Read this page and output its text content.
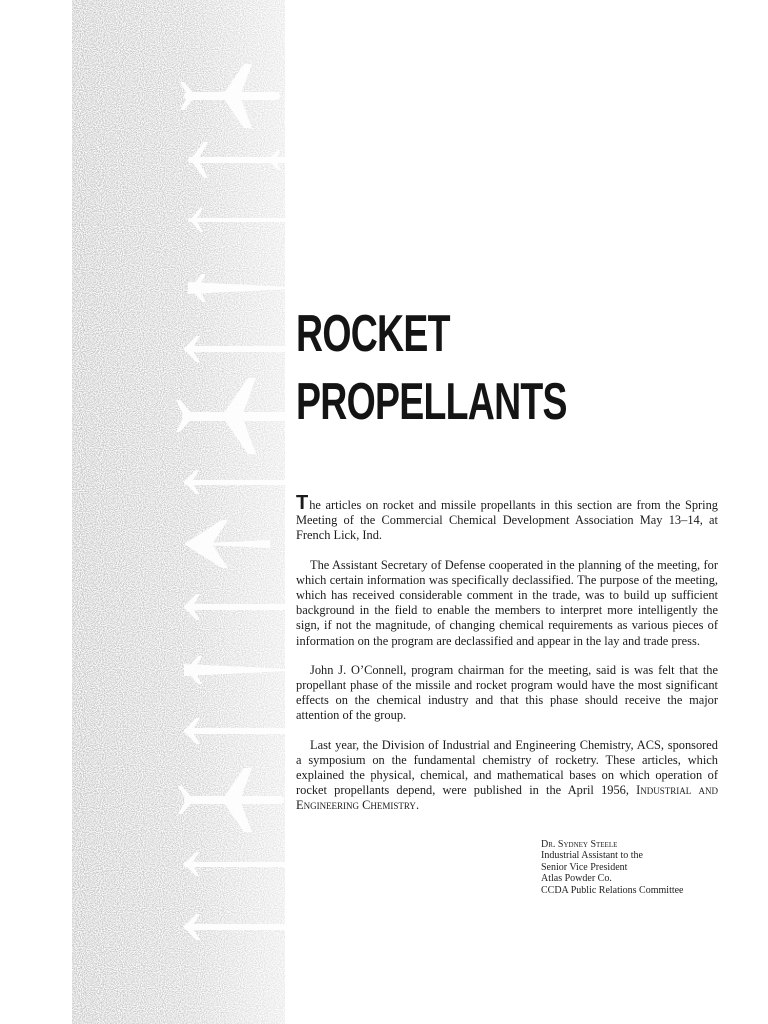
ROCKET
PROPELLANTS

The articles on rocket and missile propellants in this section are from the Spring Meeting of the Commercial Chemical Development Association May 13–14, at French Lick, Ind.

The Assistant Secretary of Defense cooperated in the planning of the meeting, for which certain information was specifically declassified. The purpose of the meeting, which has received considerable comment in the trade, was to build up sufficient background in the field to enable the members to interpret more intelligently the sign, if not the magnitude, of changing chemical requirements as various pieces of information on the program are declassified and appear in the lay and trade press.

John J. O’Connell, program chairman for the meeting, said is was felt that the propellant phase of the missile and rocket program would have the most significant effects on the chemical industry and that this phase should receive the major attention of the group.

Last year, the Division of Industrial and Engineering Chemistry, ACS, sponsored a symposium on the fundamental chemistry of rocketry. These articles, which explained the physical, chemical, and mathematical bases on which operation of rocket propellants depend, were published in the April 1956, Industrial and Engineering Chemistry.

Dr. Sydney Steele
Industrial Assistant to the
Senior Vice President
Atlas Powder Co.
CCDA Public Relations Committee
